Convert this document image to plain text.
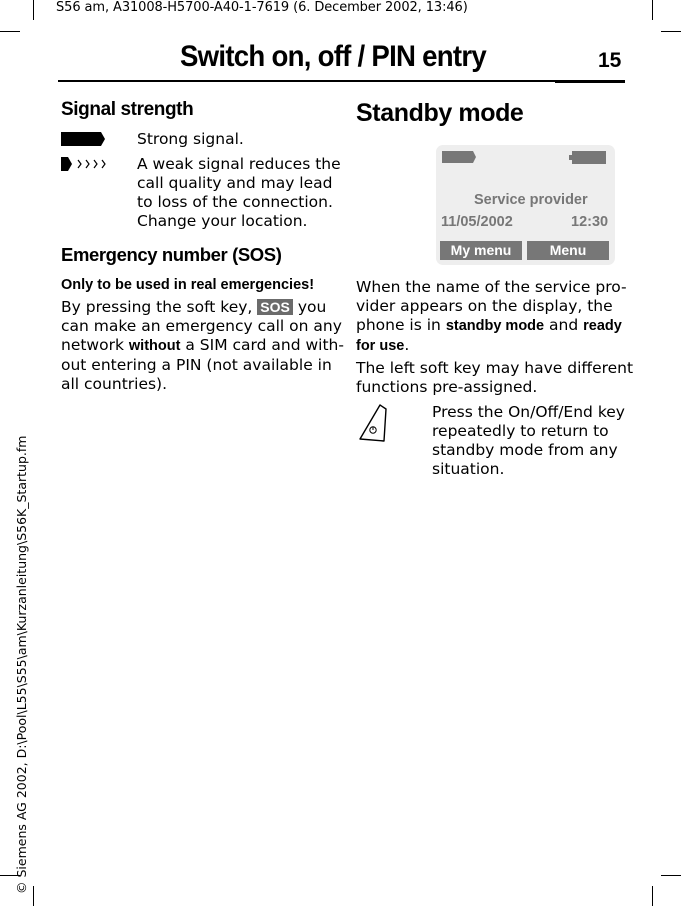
S56 am, A31008-H5700-A40-1-7619 (6. December 2002, 13:46)
© Siemens AG 2002, D:\Pool\L55\S55\am\Kurzanleitung\S56K_Startup.fm
Switch on, off / PIN entry	15
Signal strength
Strong signal.

A weak signal reduces the

call quality and may lead

to loss of the connection.

Change your location.

Emergency number (SOS)
Only to be used in real emergencies!

By pressing the soft key, SOS you

can make an emergency call on any

network without a SIM card and with-

out entering a PIN (not available in

all countries).

Standby mode
Service provider
11/05/2002	12:30
My menu	Menu

When the name of the service pro-

vider appears on the display, the

phone is in standby mode and ready

for use.

The left soft key may have different

functions pre-assigned.

Press the On/Off/End key

repeatedly to return to

standby mode from any

situation.
